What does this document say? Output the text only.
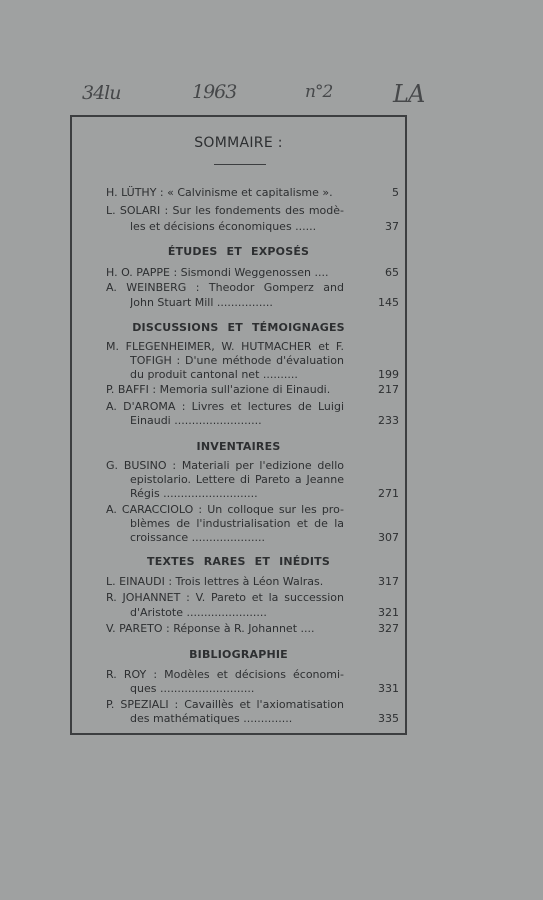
34lu	1963	n°2	LA
SOMMAIRE :
H. LÜTHY : « Calvinisme et capitalisme ».	5
L. SOLARI : Sur les fondements des modè-
les et décisions économiques ......	37
ÉTUDES ET EXPOSÉS
H. O. PAPPE : Sismondi Weggenossen ....	65
A. WEINBERG : Theodor Gomperz and
John Stuart Mill ................	145
DISCUSSIONS ET TÉMOIGNAGES
M. FLEGENHEIMER, W. HUTMACHER et F.
TOFIGH : D'une méthode d'évaluation
du produit cantonal net ..........	199
P. BAFFI : Memoria sull'azione di Einaudi.	217
A. D'AROMA : Livres et lectures de Luigi
Einaudi .........................	233
INVENTAIRES
G. BUSINO : Materiali per l'edizione dello
epistolario. Lettere di Pareto a Jeanne
Régis ...........................	271
A. CARACCIOLO : Un colloque sur les pro-
blèmes de l'industrialisation et de la
croissance .....................	307
TEXTES RARES ET INÉDITS
L. EINAUDI : Trois lettres à Léon Walras.	317
R. JOHANNET : V. Pareto et la succession
d'Aristote .......................	321
V. PARETO : Réponse à R. Johannet ....	327
BIBLIOGRAPHIE
R. ROY : Modèles et décisions économi-
ques ...........................	331
P. SPEZIALI : Cavaillès et l'axiomatisation
des mathématiques ..............	335
